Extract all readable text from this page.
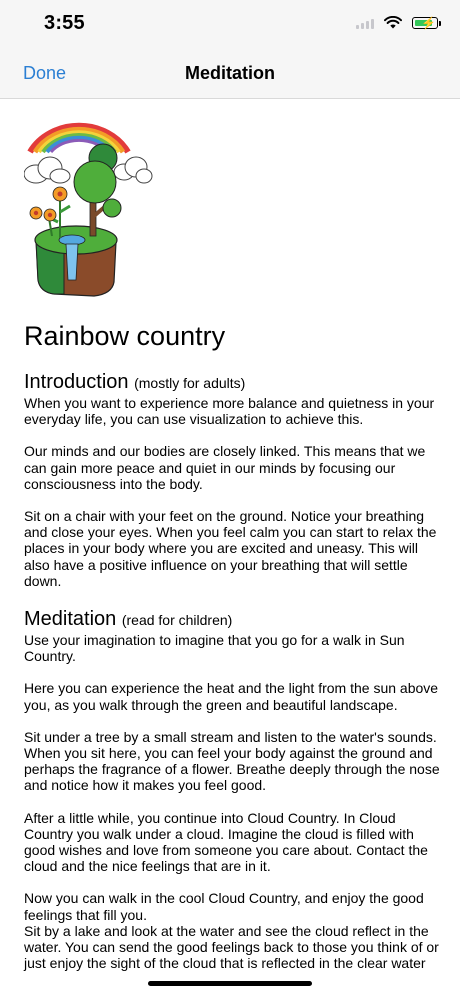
3:55	⚡
Done	Meditation
Rainbow country
Introduction (mostly for adults)

When you want to experience more balance and quietness in your everyday life, you can use visualization to achieve this.

Our minds and our bodies are closely linked. This means that we can gain more peace and quiet in our minds by focusing our consciousness into the body.

Sit on a chair with your feet on the ground. Notice your breathing and close your eyes. When you feel calm you can start to relax the places in your body where you are excited and uneasy. This will also have a positive influence on your breathing that will settle down.

Meditation (read for children)

Use your imagination to imagine that you go for a walk in Sun Country.

Here you can experience the heat and the light from the sun above you, as you walk through the green and beautiful landscape.

Sit under a tree by a small stream and listen to the water's sounds. When you sit here, you can feel your body against the ground and perhaps the fragrance of a flower. Breathe deeply through the nose and notice how it makes you feel good.

After a little while, you continue into Cloud Country. In Cloud Country you walk under a cloud. Imagine the cloud is filled with good wishes and love from someone you care about. Contact the cloud and the nice feelings that are in it.

Now you can walk in the cool Cloud Country, and enjoy the good feelings that fill you.

Sit by a lake and look at the water and see the cloud reflect in the water. You can send the good feelings back to those you think of or just enjoy the sight of the cloud that is reflected in the clear water
